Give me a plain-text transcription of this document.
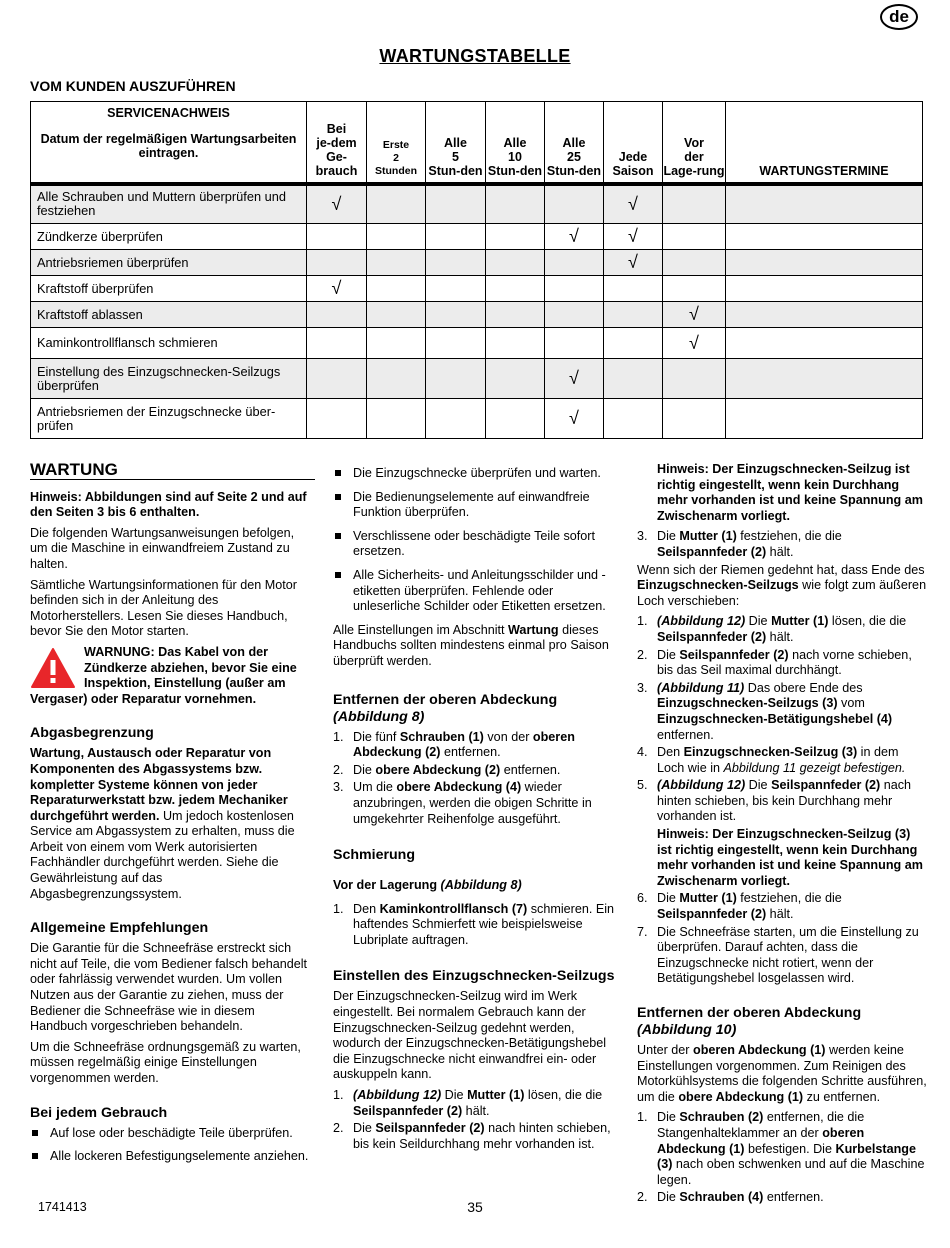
de
WARTUNGSTABELLE
VOM KUNDEN AUSZUFÜHREN
SERVICENACHWEIS
Datum der regelmäßigen Wartungsarbeiten eintragen.	Bei
je-dem
Ge-brauch	Erste
2
Stunden	Alle
5
Stun-den	Alle
10
Stun-den	Alle
25
Stun-den	Jede
Saison	Vor
der
Lage-rung	WARTUNGSTERMINE
Alle Schrauben und Muttern überprüfen und festziehen	√					√		
Zündkerze überprüfen					√	√		
Antriebsriemen überprüfen						√		
Kraftstoff überprüfen	√							
Kraftstoff ablassen							√	
Kaminkontrollflansch schmieren							√	
Einstellung des Einzugschnecken-Seilzugs überprüfen					√			
Antriebsriemen der Einzugschnecke über-prüfen					√			
WARTUNG

Hinweis: Abbildungen sind auf Seite 2 und auf den Seiten 3 bis 6 enthalten.

Die folgenden Wartungsanweisungen befolgen, um die Maschine in einwandfreiem Zustand zu halten.

Sämtliche Wartungsinformationen für den Motor befinden sich in der Anleitung des Motorherstellers. Lesen Sie dieses Handbuch, bevor Sie den Motor starten.

WARNUNG: Das Kabel von der Zündkerze abziehen, bevor Sie eine Inspektion, Einstellung (außer am
Vergaser) oder Reparatur vornehmen.
Abgasbegrenzung

Wartung, Austausch oder Reparatur von Komponenten des Abgassystems bzw. kompletter Systeme können von jeder Reparaturwerkstatt bzw. jedem Mechaniker durchgeführt werden. Um jedoch kostenlosen Service am Abgassystem zu erhalten, muss die Arbeit von einem vom Werk autorisierten Fachhändler durchgeführt werden. Siehe die Gewährleistung auf das Abgasbegrenzungssystem.

Allgemeine Empfehlungen

Die Garantie für die Schneefräse erstreckt sich nicht auf Teile, die vom Bediener falsch behandelt oder fahrlässig verwendet wurden. Um vollen Nutzen aus der Garantie zu ziehen, muss der Bediener die Schneefräse wie in diesem Handbuch vorgeschrieben behandeln.

Um die Schneefräse ordnungsgemäß zu warten, müssen regelmäßig einige Einstellungen vorgenommen werden.

Bei jedem Gebrauch
Auf lose oder beschädigte Teile überprüfen.
Alle lockeren Befestigungselemente anziehen.
Die Einzugschnecke überprüfen und warten.
Die Bedienungselemente auf einwandfreie Funktion überprüfen.
Verschlissene oder beschädigte Teile sofort ersetzen.
Alle Sicherheits- und Anleitungsschilder und -etiketten überprüfen. Fehlende oder unleserliche Schilder oder Etiketten ersetzen.

Alle Einstellungen im Abschnitt Wartung dieses Handbuchs sollten mindestens einmal pro Saison überprüft werden.

Entfernen der oberen Abdeckung
(Abbildung 8)
1. Die fünf Schrauben (1) von der oberen Abdeckung (2) entfernen.
2. Die obere Abdeckung (2) entfernen.
3. Um die obere Abdeckung (4) wieder anzubringen, werden die obigen Schritte in umgekehrter Reihenfolge ausgeführt.
Schmierung

Vor der Lagerung (Abbildung 8)

1. Den Kaminkontrollflansch (7) schmieren. Ein haftendes Schmierfett wie beispielsweise Lubriplate auftragen.
Einstellen des Einzugschnecken-Seilzugs

Der Einzugschnecken-Seilzug wird im Werk eingestellt. Bei normalem Gebrauch kann der Einzugschnecken-Seilzug gedehnt werden, wodurch der Einzugschnecken-Betätigungshebel die Einzugschnecke nicht einwandfrei ein- oder auskuppeln kann.

1. (Abbildung 12) Die Mutter (1) lösen, die die Seilspannfeder (2) hält.
2. Die Seilspannfeder (2) nach hinten schieben, bis kein Seildurchhang mehr vorhanden ist.

Hinweis: Der Einzugschnecken-Seilzug ist richtig eingestellt, wenn kein Durchhang mehr vorhanden ist und keine Spannung am Zwischenarm vorliegt.

3. Die Mutter (1) festziehen, die die Seilspannfeder (2) hält.

Wenn sich der Riemen gedehnt hat, dass Ende des Einzugschnecken-Seilzugs wie folgt zum äußeren Loch verschieben:

1. (Abbildung 12) Die Mutter (1) lösen, die die Seilspannfeder (2) hält.
2. Die Seilspannfeder (2) nach vorne schieben, bis das Seil maximal durchhängt.
3. (Abbildung 11) Das obere Ende des Einzugschnecken-Seilzugs (3) vom Einzugschnecken-Betätigungshebel (4) entfernen.
4. Den Einzugschnecken-Seilzug (3) in dem Loch wie in Abbildung 11 gezeigt befestigen.
5. (Abbildung 12) Die Seilspannfeder (2) nach hinten schieben, bis kein Durchhang mehr vorhanden ist.
Hinweis: Der Einzugschnecken-Seilzug (3) ist richtig eingestellt, wenn kein Durchhang mehr vorhanden ist und keine Spannung am Zwischenarm vorliegt.
6. Die Mutter (1) festziehen, die die Seilspannfeder (2) hält.
7. Die Schneefräse starten, um die Einstellung zu überprüfen. Darauf achten, dass die Einzugschnecke nicht rotiert, wenn der Betätigungshebel losgelassen wird.
Entfernen der oberen Abdeckung
(Abbildung 10)

Unter der oberen Abdeckung (1) werden keine Einstellungen vorgenommen. Zum Reinigen des Motorkühlsystems die folgenden Schritte ausführen, um die obere Abdeckung (1) zu entfernen.

1. Die Schrauben (2) entfernen, die die Stangenhalteklammer an der oberen Abdeckung (1) befestigen. Die Kurbelstange (3) nach oben schwenken und auf die Maschine legen.
2. Die Schrauben (4) entfernen.
1741413	35
